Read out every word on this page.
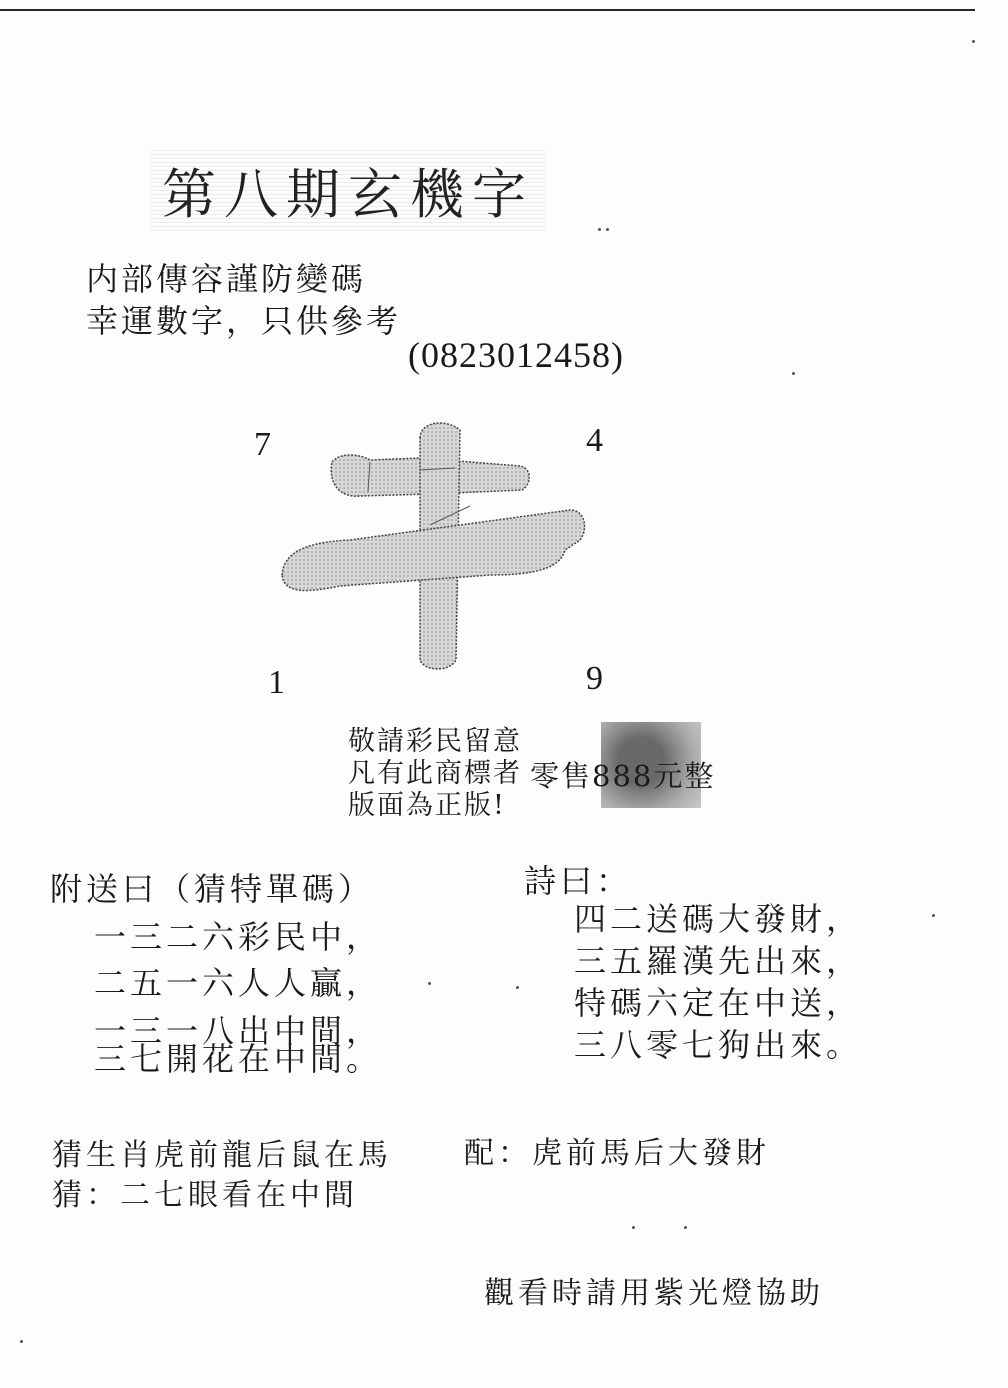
第八期玄機字
内部傳容謹防變碼
幸運數字，只供參考
(0823012458)
7	4
1	9
敬請彩民留意
凡有此商標者
版面為正版!
零售888元整
附送曰（猜特單碼）
一三二六彩民中，
二五一六人人贏，
一三一八出中間，
三七開花在中間。
詩曰：
四二送碼大發財，
三五羅漢先出來，
特碼六定在中送，
三八零七狗出來。
猜生肖虎前龍后鼠在馬 配：虎前馬后大發財
猜：二七眼看在中間
觀看時請用紫光燈協助
